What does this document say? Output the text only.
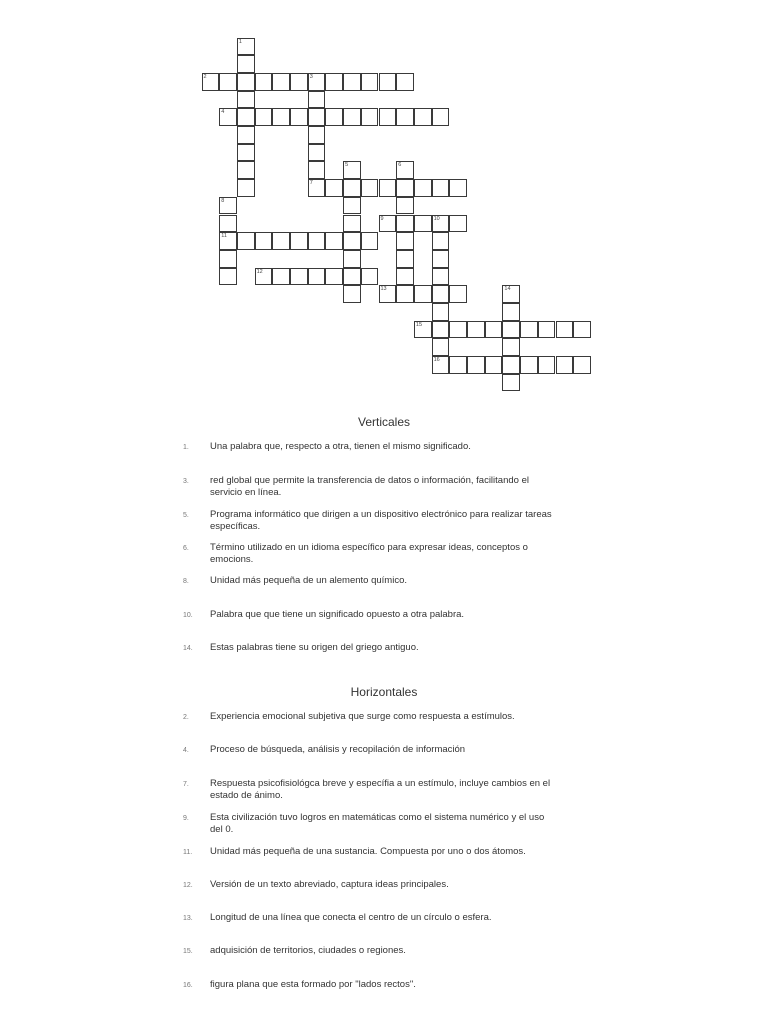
1
2	3
7
4
5	6
8
11
9	10
12
13	14
15
16
Verticales
1.	Una palabra que, respecto a otra, tienen el mismo significado.
3.	red global que permite la transferencia de datos o información, facilitando el servicio en línea.
5.	Programa informático que dirigen a un dispositivo electrónico para realizar tareas específicas.
6.	Término utilizado en un idioma específico para expresar ideas, conceptos o emocions.
8.	Unidad más pequeña de un alemento químico.
10.	Palabra que que tiene un significado opuesto a otra palabra.
14.	Estas palabras tiene su origen del griego antiguo.
Horizontales
2.	Experiencia emocional subjetiva que surge como respuesta a estímulos.
4.	Proceso de búsqueda, análisis y recopilación de información
7.	Respuesta psicofisiológca breve y específia a un estímulo, incluye cambios en el estado de ánimo.
9.	Esta civilización tuvo logros en matemáticas como el sistema numérico y el uso del 0.
11.	Unidad más pequeña de una sustancia. Compuesta por uno o dos átomos.
12.	Versión de un texto abreviado, captura ideas principales.
13.	Longitud de una línea que conecta el centro de un círculo o esfera.
15.	adquisición de territorios, ciudades o regiones.
16.	figura plana que esta formado por "lados rectos".
